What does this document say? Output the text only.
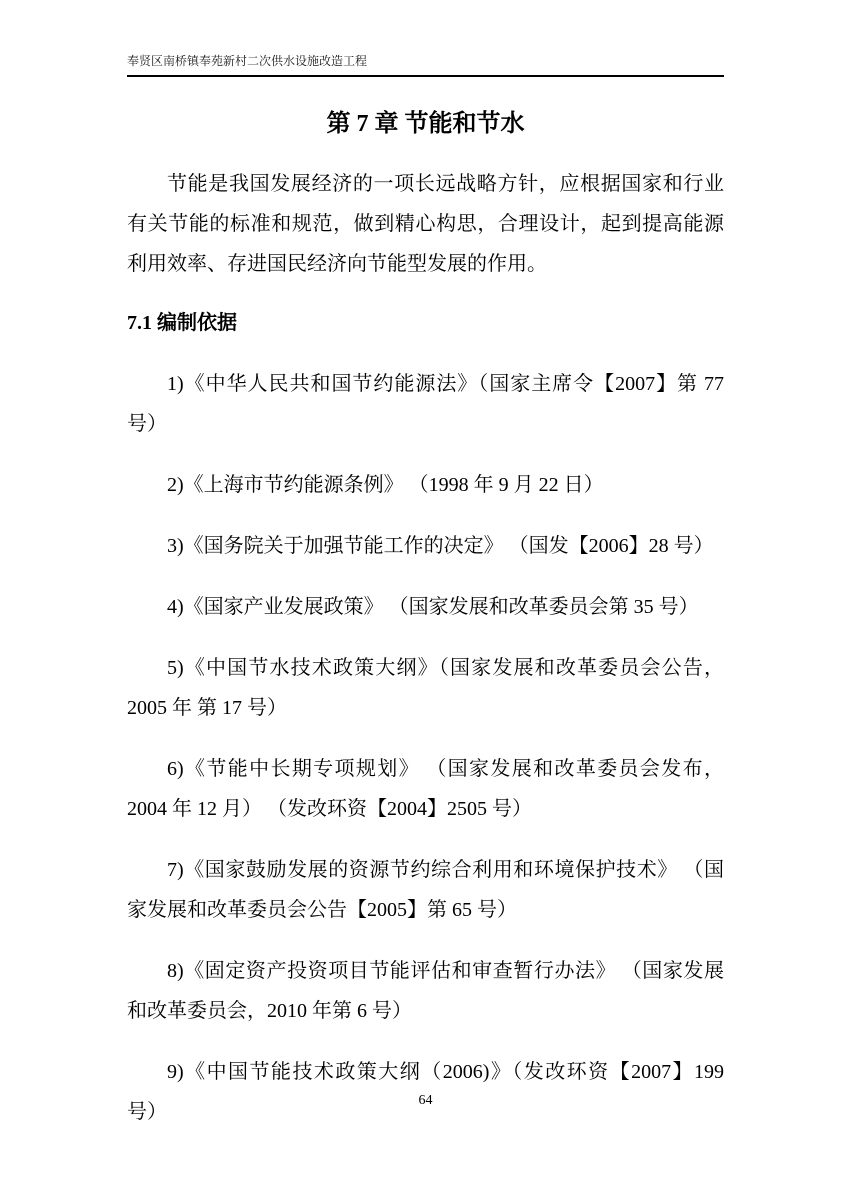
奉贤区南桥镇奉苑新村二次供水设施改造工程
第 7 章 节能和节水

节能是我国发展经济的一项长远战略方针，应根据国家和行业有关节能的标准和规范，做到精心构思，合理设计，起到提高能源利用效率、存进国民经济向节能型发展的作用。

7.1 编制依据

1)《中华人民共和国节约能源法》（国家主席令【2007】第 77 号）

2)《上海市节约能源条例》 （1998 年 9 月 22 日）

3)《国务院关于加强节能工作的决定》 （国发【2006】28 号）

4)《国家产业发展政策》 （国家发展和改革委员会第 35 号）

5)《中国节水技术政策大纲》（国家发展和改革委员会公告，2005 年 第 17 号）

6)《节能中长期专项规划》 （国家发展和改革委员会发布，2004 年 12 月） （发改环资【2004】2505 号）

7)《国家鼓励发展的资源节约综合利用和环境保护技术》 （国家发展和改革委员会公告【2005】第 65 号）

8)《固定资产投资项目节能评估和审查暂行办法》 （国家发展和改革委员会，2010 年第 6 号）

9)《中国节能技术政策大纲（2006)》（发改环资【2007】199 号）

64
